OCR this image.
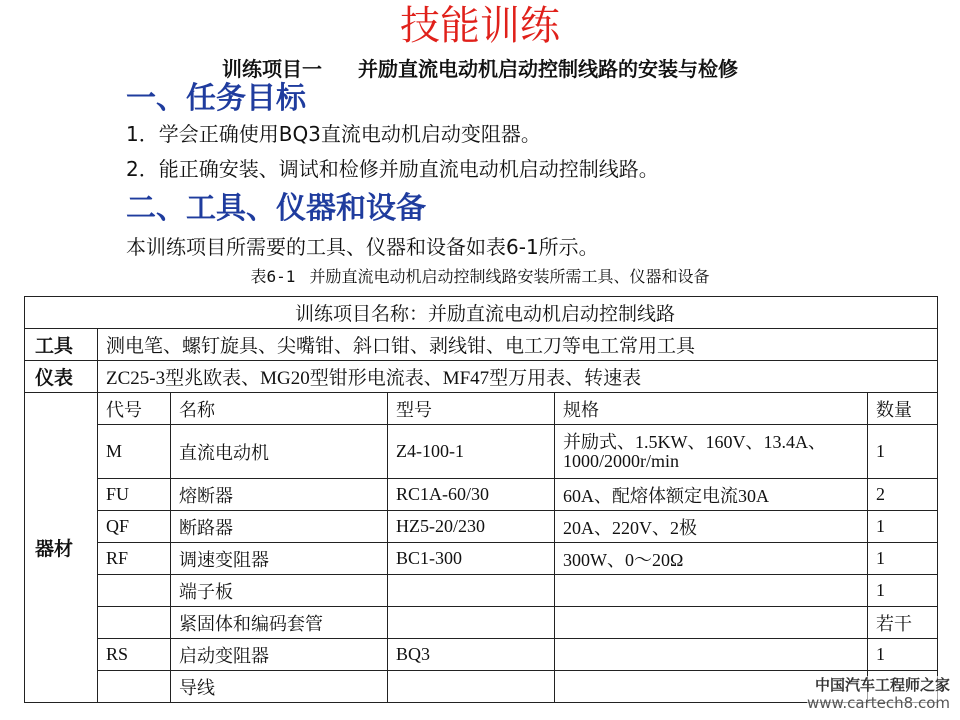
技能训练
训练项目一 并励直流电动机启动控制线路的安装与检修
一、任务目标
1．学会正确使用BQ3直流电动机启动变阻器。
2．能正确安装、调试和检修并励直流电动机启动控制线路。
二、工具、仪器和设备
本训练项目所需要的工具、仪器和设备如表6-1所示。
表6-1 并励直流电动机启动控制线路安装所需工具、仪器和设备
训练项目名称：并励直流电动机启动控制线路					
工具	测电笔、螺钉旋具、尖嘴钳、斜口钳、剥线钳、电工刀等电工常用工具				
仪表	ZC25-3型兆欧表、MG20型钳形电流表、MF47型万用表、转速表				
器材	代号	名称	型号	规格	数量
	M	直流电动机	Z4-100-1	并励式、1.5KW、160V、13.4A、1000/2000r/min	1
	FU	熔断器	RC1A-60/30	60A、配熔体额定电流30A	2
	QF	断路器	HZ5-20/230	20A、220V、2极	1
	RF	调速变阻器	BC1-300	300W、0～20Ω	1
		端子板			1
		紧固体和编码套管			若干
	RS	启动变阻器	BQ3		1
		导线				中国汽车工程师之家
www.cartech8.com
